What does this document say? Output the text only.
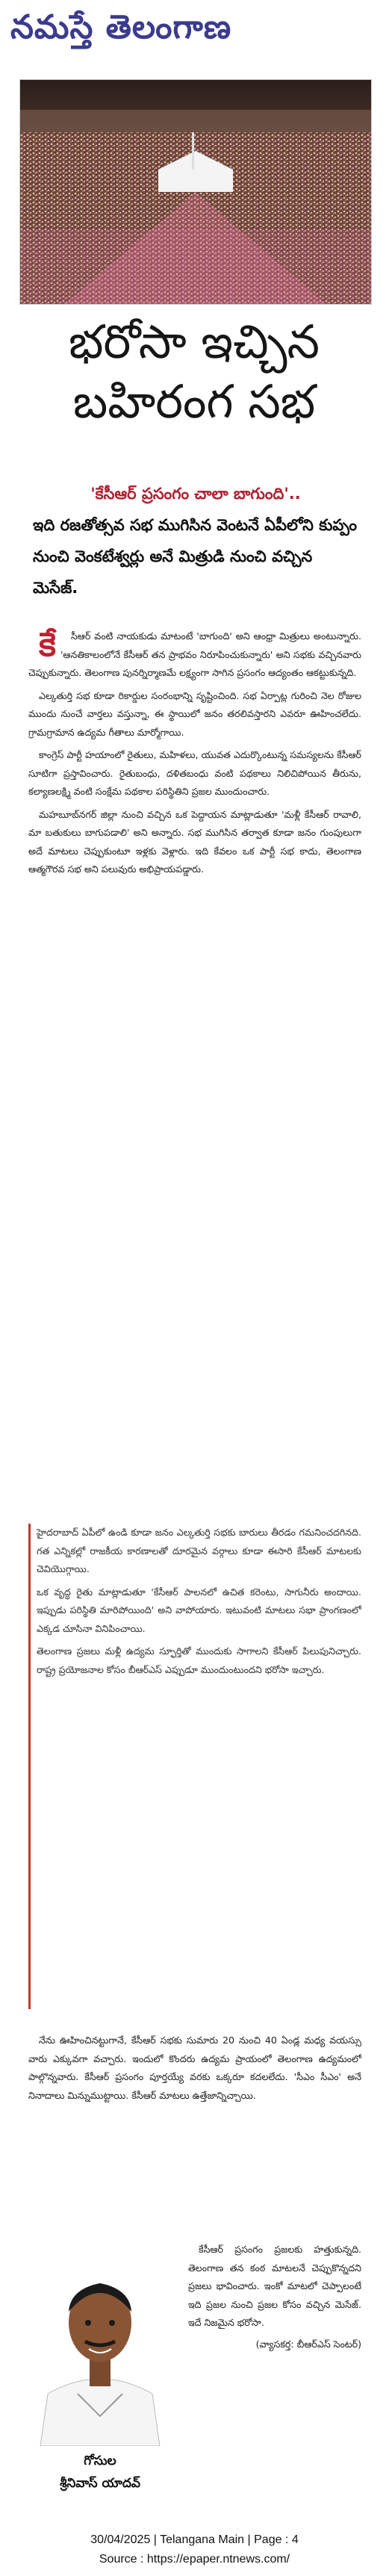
నమస్తే తెలంగాణ
భరోసా ఇచ్చిన
బహిరంగ సభ
'కేసీఆర్ ప్రసంగం చాలా బాగుంది'..
ఇది రజతోత్సవ సభ ముగిసిన వెంటనే ఏపీలోని కుప్పం నుంచి వెంకటేశ్వర్లు అనే మిత్రుడి నుంచి వచ్చిన మెసేజ్.

కే సీఆర్ వంటి నాయకుడు మాటంటే 'బాగుంది' అని ఆంధ్రా మిత్రులు అంటున్నారు. 'ఆనతికాలంలోనే కేసీఆర్ తన ప్రాభవం నిరూపించుకున్నారు' అని సభకు వచ్చినవారు చెప్పుకున్నారు. తెలంగాణ పునర్నిర్మాణమే లక్ష్యంగా సాగిన ప్రసంగం ఆద్యంతం ఆకట్టుకున్నది.

ఎల్కతుర్తి సభ కూడా రికార్డుల సంరంభాన్ని సృష్టించింది. సభ ఏర్పాట్ల గురించి నెల రోజుల ముందు నుంచే వార్తలు వస్తున్నా, ఈ స్థాయిలో జనం తరలివస్తారని ఎవరూ ఊహించలేదు. గ్రామగ్రామాన ఉద్యమ గీతాలు మార్మోగాయి.

కాంగ్రెస్ పార్టీ హయాంలో రైతులు, మహిళలు, యువత ఎదుర్కొంటున్న సమస్యలను కేసీఆర్ సూటిగా ప్రస్తావించారు. రైతుబంధు, దళితబంధు వంటి పథకాలు నిలిచిపోయిన తీరును, కల్యాణలక్ష్మి వంటి సంక్షేమ పథకాల పరిస్థితిని ప్రజల ముందుంచారు.

మహబూబ్‌నగర్ జిల్లా నుంచి వచ్చిన ఒక పెద్దాయన మాట్లాడుతూ 'మళ్లీ కేసీఆర్ రావాలి, మా బతుకులు బాగుపడాలి' అని అన్నారు. సభ ముగిసిన తర్వాత కూడా జనం గుంపులుగా అదే మాటలు చెప్పుకుంటూ ఇళ్లకు వెళ్లారు. ఇది కేవలం ఒక పార్టీ సభ కాదు, తెలంగాణ ఆత్మగౌరవ సభ అని పలువురు అభిప్రాయపడ్డారు.

హైదరాబాద్ ఏపీలో ఉండి కూడా జనం ఎల్కతుర్తి సభకు బారులు తీరడం గమనించదగినది. గత ఎన్నికల్లో రాజకీయ కారణాలతో దూరమైన వర్గాలు కూడా ఈసారి కేసీఆర్ మాటలకు చెవియొగ్గాయి.

ఒక వృద్ధ రైతు మాట్లాడుతూ 'కేసీఆర్ పాలనలో ఉచిత కరెంటు, సాగునీరు అందాయి. ఇప్పుడు పరిస్థితి మారిపోయింది' అని వాపోయారు. ఇటువంటి మాటలు సభా ప్రాంగణంలో ఎక్కడ చూసినా వినిపించాయి.

తెలంగాణ ప్రజలు మళ్లీ ఉద్యమ స్ఫూర్తితో ముందుకు సాగాలని కేసీఆర్ పిలుపునిచ్చారు. రాష్ట్ర ప్రయోజనాల కోసం బీఆర్‌ఎస్ ఎప్పుడూ ముందుంటుందని భరోసా ఇచ్చారు.

నేను ఊహించినట్టుగానే, కేసీఆర్ సభకు సుమారు 20 నుంచి 40 ఏండ్ల మధ్య వయస్సు వారు ఎక్కువగా వచ్చారు. ఇందులో కొందరు ఉద్యమ ప్రాయంలో తెలంగాణ ఉద్యమంలో పాల్గొన్నవారు. కేసీఆర్ ప్రసంగం పూర్తయ్యే వరకు ఒక్కరూ కదలలేదు. 'సీఎం సీఎం' అనే నినాదాలు మిన్నుముట్టాయి. కేసీఆర్ మాటలు ఉత్తేజాన్నిచ్చాయి.

గోసుల
శ్రీనివాస్ యాదవ్

కేసీఆర్ ప్రసంగం ప్రజలకు హత్తుకున్నది. తెలంగాణ తన కంఠ మాటలనే చెప్పుకొన్నదని ప్రజలు భావించారు. ఇంకో మాటలో చెప్పాలంటే ఇది ప్రజల నుంచి ప్రజల కోసం వచ్చిన మెసేజ్. ఇదే నిజమైన భరోసా.

(వ్యాసకర్త: బీఆర్‌ఎస్ సెంటర్)
30/04/2025 | Telangana Main | Page : 4
Source : https://epaper.ntnews.com/
